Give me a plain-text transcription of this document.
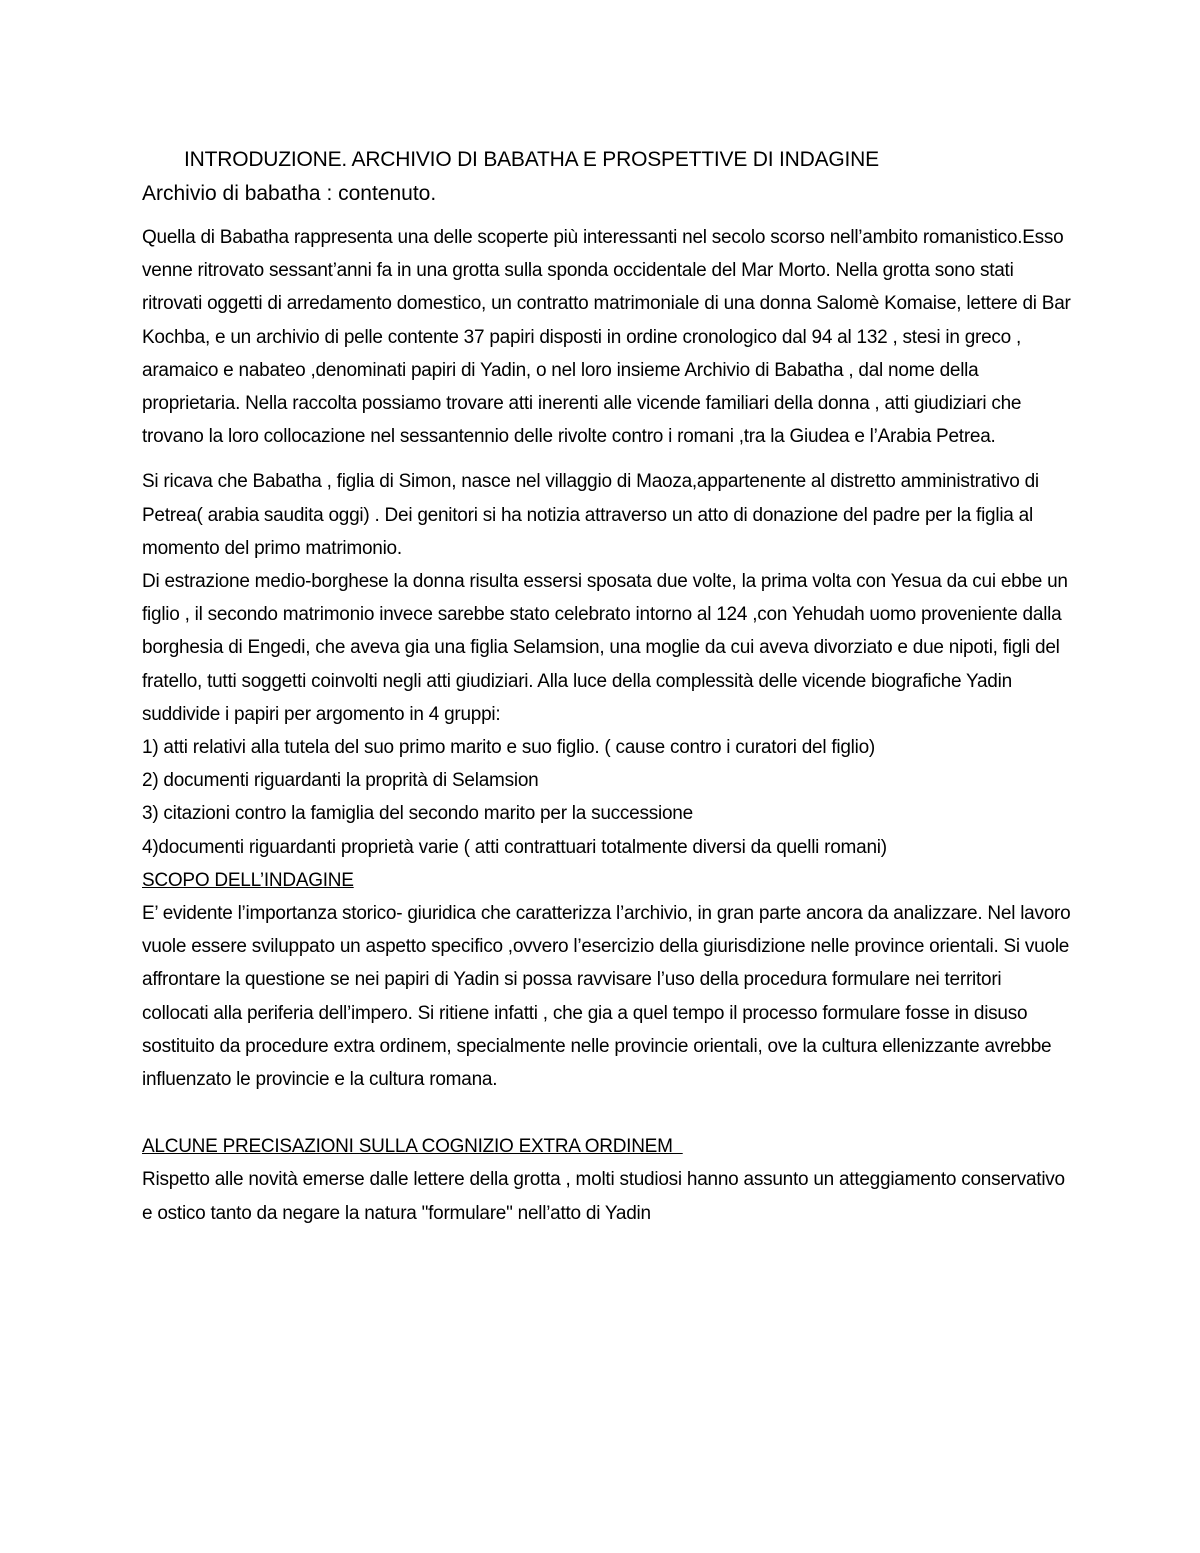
INTRODUZIONE. ARCHIVIO DI BABATHA E PROSPETTIVE DI INDAGINE
Archivio di babatha : contenuto.

Quella di Babatha rappresenta una delle scoperte più interessanti nel secolo scorso nell’ambito romanistico.Esso venne ritrovato sessant’anni fa in una grotta sulla sponda occidentale del Mar Morto. Nella grotta sono stati ritrovati oggetti di arredamento domestico, un contratto matrimoniale di una donna Salomè Komaise, lettere di Bar Kochba, e un archivio di pelle contente 37 papiri disposti in ordine cronologico dal 94 al 132 , stesi in greco , aramaico e nabateo ,denominati papiri di Yadin, o nel loro insieme Archivio di Babatha , dal nome della proprietaria. Nella raccolta possiamo trovare atti inerenti alle vicende familiari della donna , atti giudiziari che trovano la loro collocazione nel sessantennio delle rivolte contro i romani ,tra la Giudea e l’Arabia Petrea.

Si ricava che Babatha , figlia di Simon, nasce nel villaggio di Maoza,appartenente al distretto amministrativo di Petrea( arabia saudita oggi) . Dei genitori si ha notizia attraverso un atto di donazione del padre per la figlia al momento del primo matrimonio.

Di estrazione medio-borghese la donna risulta essersi sposata due volte, la prima volta con Yesua da cui ebbe un figlio , il secondo matrimonio invece sarebbe stato celebrato intorno al 124 ,con Yehudah uomo proveniente dalla borghesia di Engedi, che aveva gia una figlia Selamsion, una moglie da cui aveva divorziato e due nipoti, figli del fratello, tutti soggetti coinvolti negli atti giudiziari. Alla luce della complessità delle vicende biografiche Yadin suddivide i papiri per argomento in 4 gruppi:

1) atti relativi alla tutela del suo primo marito e suo figlio. ( cause contro i curatori del figlio)
2) documenti riguardanti la proprità di Selamsion
3) citazioni contro la famiglia del secondo marito per la successione
4)documenti riguardanti proprietà varie ( atti contrattuari totalmente diversi da quelli romani)
SCOPO DELL’INDAGINE

E’ evidente l’importanza storico- giuridica che caratterizza l’archivio, in gran parte ancora da analizzare. Nel lavoro vuole essere sviluppato un aspetto specifico ,ovvero l’esercizio della giurisdizione nelle province orientali. Si vuole affrontare la questione se nei papiri di Yadin si possa ravvisare l’uso della procedura formulare nei territori collocati alla periferia dell’impero. Si ritiene infatti , che gia a quel tempo il processo formulare fosse in disuso sostituito da procedure extra ordinem, specialmente nelle provincie orientali, ove la cultura ellenizzante avrebbe influenzato le provincie e la cultura romana.

ALCUNE PRECISAZIONI SULLA COGNIZIO EXTRA ORDINEM

Rispetto alle novità emerse dalle lettere della grotta , molti studiosi hanno assunto un atteggiamento conservativo e ostico tanto da negare la natura "formulare" nell’atto di Yadin
